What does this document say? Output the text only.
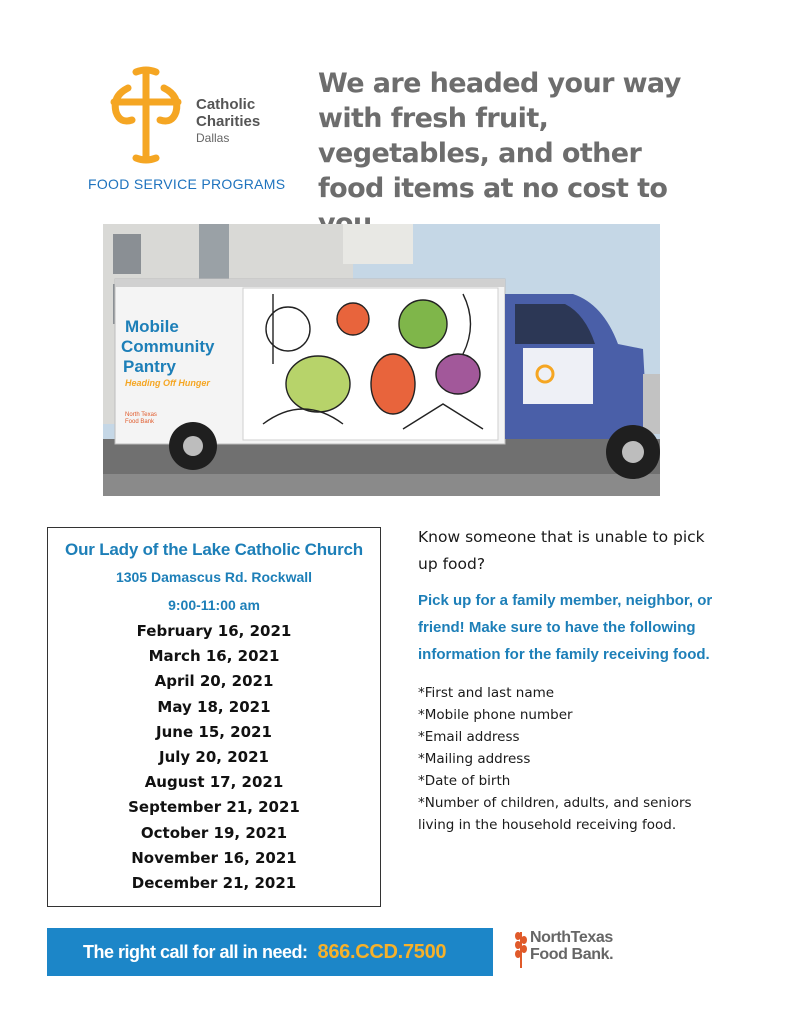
Catholic
Charities
Dallas
FOOD SERVICE PROGRAMS
We are headed your way with fresh fruit, vegetables, and other food items at no cost to
Mobile
Community
Pantry
Heading Off Hunger
North Texas
Food Bank
Our Lady of the Lake Catholic Church
1305 Damascus Rd. Rockwall
9:00-11:00 am
February 16, 2021
March 16, 2021
April 20, 2021
May 18, 2021
June 15, 2021
July 20, 2021
August 17, 2021
September 21, 2021
October 19, 2021
November 16, 2021
December 21, 2021

Know someone that is unable to pick up food?

Pick up for a family member, neighbor, or friend! Make sure to have the following information for the family receiving food.

*First and last name
*Mobile phone number
*Email address
*Mailing address
*Date of birth
*Number of children, adults, and seniors living in the household receiving food.
The right call for all in need: 866.CCD.7500
NorthTexas
Food Bank.
